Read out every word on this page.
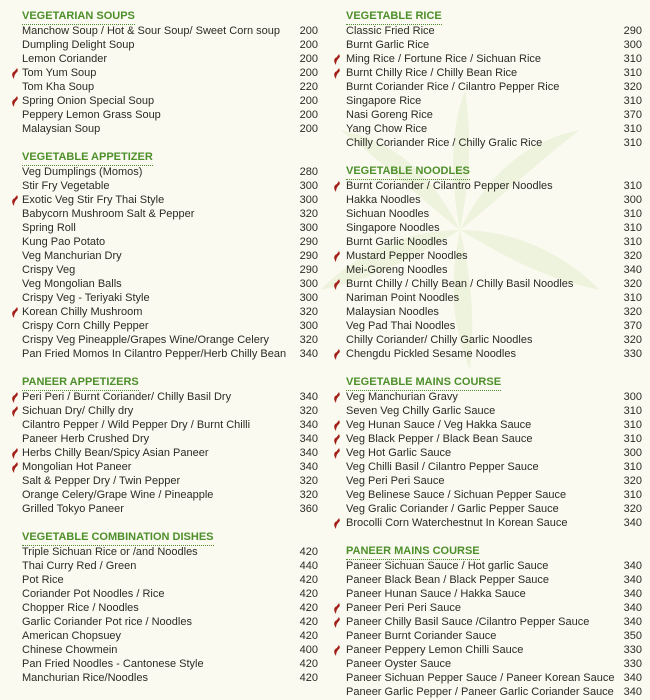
VEGETARIAN SOUPS
Manchow Soup / Hot & Sour Soup/ Sweet Corn soup	200
Dumpling Delight Soup	200
Lemon Coriander	200
Tom Yum Soup	200
Tom Kha Soup	220
Spring Onion Special Soup	200
Peppery Lemon Grass Soup	200
Malaysian Soup	200
VEGETABLE APPETIZER
Veg Dumplings (Momos)	280
Stir Fry Vegetable	300
Exotic Veg Stir Fry Thai Style	300
Babycorn Mushroom Salt & Pepper	320
Spring Roll	300
Kung Pao Potato	290
Veg Manchurian Dry	290
Crispy Veg	290
Veg Mongolian Balls	300
Crispy Veg - Teriyaki Style	300
Korean Chilly Mushroom	320
Crispy Corn Chilly Pepper	300
Crispy Veg Pineapple/Grapes Wine/Orange Celery	320
Pan Fried Momos In Cilantro Pepper/Herb Chilly Bean	340
PANEER APPETIZERS
Peri Peri / Burnt Coriander/ Chilly Basil Dry	340
Sichuan Dry/ Chilly dry	320
Cilantro Pepper / Wild Pepper Dry / Burnt Chilli	340
Paneer Herb Crushed Dry	340
Herbs Chilly Bean/Spicy Asian Paneer	340
Mongolian Hot Paneer	340
Salt & Pepper Dry / Twin Pepper	320
Orange Celery/Grape Wine / Pineapple	320
Grilled Tokyo Paneer	360
VEGETABLE COMBINATION DISHES
Triple Sichuan Rice or /and Noodles	420
Thai Curry Red / Green	440
Pot Rice	420
Coriander Pot Noodles / Rice	420
Chopper Rice / Noodles	420
Garlic Coriander Pot rice / Noodles	420
American Chopsuey	420
Chinese Chowmein	400
Pan Fried Noodles - Cantonese Style	420
Manchurian Rice/Noodles	420
VEGETABLE RICE
Classic Fried Rice	290
Burnt Garlic Rice	300
Ming Rice / Fortune Rice / Sichuan Rice	310
Burnt Chilly Rice / Chilly Bean Rice	310
Burnt Coriander Rice / Cilantro Pepper Rice	320
Singapore Rice	310
Nasi Goreng Rice	370
Yang Chow Rice	310
Chilly Coriander Rice / Chilly Gralic Rice	310
VEGETABLE NOODLES
Burnt Coriander / Cilantro Pepper Noodles	310
Hakka Noodles	300
Sichuan Noodles	310
Singapore Noodles	310
Burnt Garlic Noodles	310
Mustard Pepper Noodles	320
Mei-Goreng Noodles	340
Burnt Chilly / Chilly Bean / Chilly Basil Noodles	320
Nariman Point Noodles	310
Malaysian Noodles	320
Veg Pad Thai Noodles	370
Chilly Coriander/ Chilly Garlic Noodles	320
Chengdu Pickled Sesame Noodles	330
VEGETABLE MAINS COURSE
Veg Manchurian Gravy	300
Seven Veg Chilly Garlic Sauce	310
Veg Hunan Sauce / Veg Hakka Sauce	310
Veg Black Pepper / Black Bean Sauce	310
Veg Hot Garlic Sauce	300
Veg Chilli Basil / Cilantro Pepper Sauce	310
Veg Peri Peri Sauce	320
Veg Belinese Sauce / Sichuan Pepper Sauce	310
Veg Gralic Coriander / Garlic Pepper Sauce	320
Brocolli Corn Waterchestnut In Korean Sauce	340
PANEER MAINS COURSE
Paneer Sichuan Sauce / Hot garlic Sauce	340
Paneer Black Bean / Black Pepper Sauce	340
Paneer Hunan Sauce / Hakka Sauce	340
Paneer Peri Peri Sauce	340
Paneer Chilly Basil Sauce /Cilantro Pepper Sauce	340
Paneer Burnt Coriander Sauce	350
Paneer Peppery Lemon Chilli Sauce	330
Paneer Oyster Sauce	330
Paneer Sichuan Pepper Sauce / Paneer Korean Sauce 340
Paneer Garlic Pepper / Paneer Garlic Coriander Sauce 340
